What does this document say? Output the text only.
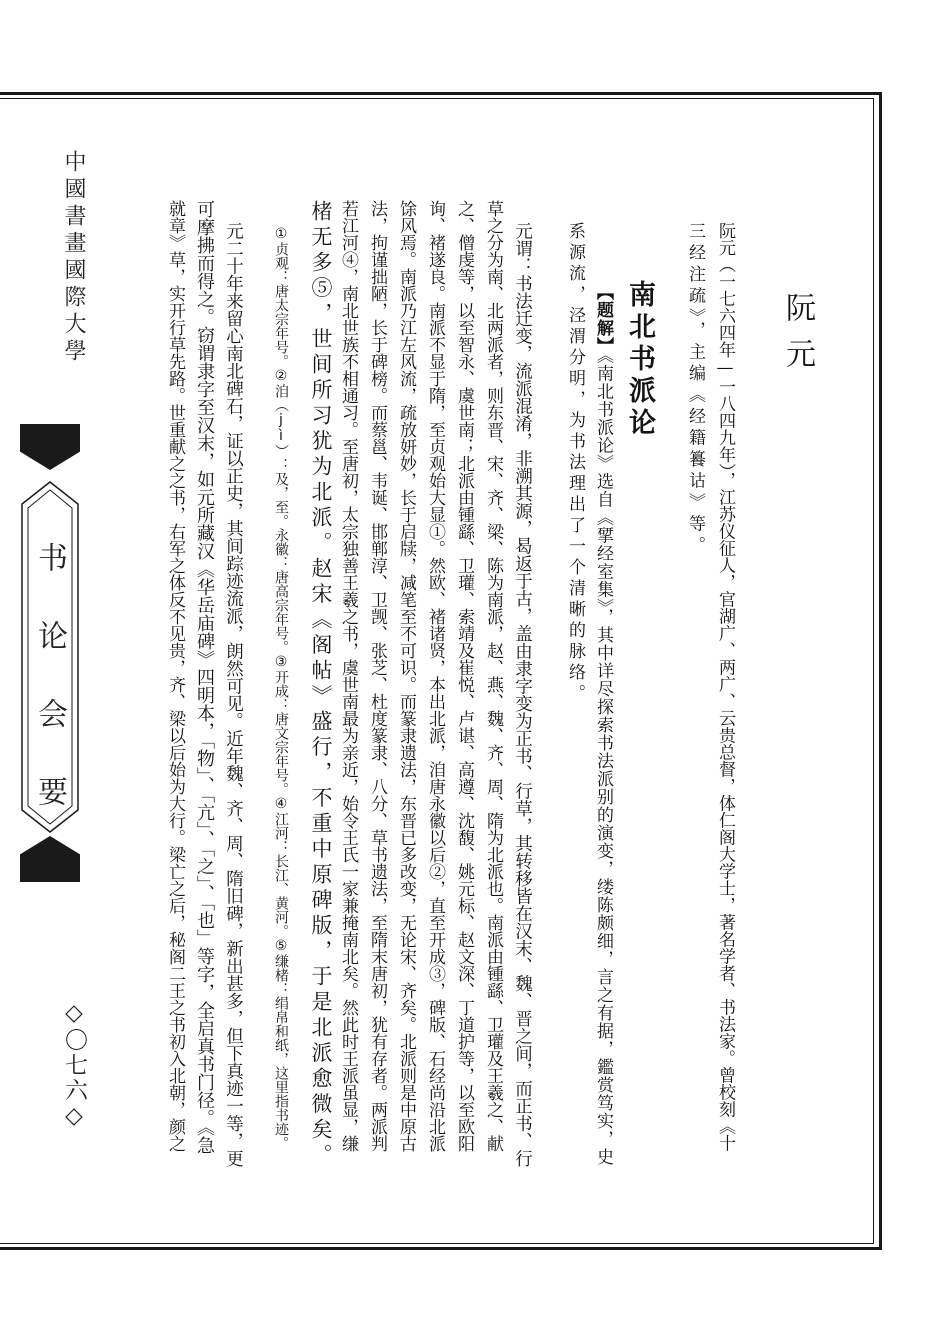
中國書畫國際大學
书论会要
◇〇七六◇
阮元
阮元（一七六四年—一八四九年），江苏仪征人，官湖广、两广、云贵总督，体仁阁大学士，著名学者、书法家。曾校刻《十
三经注疏》，主编《经籍籑诂》等。
南北书派论
【题解】《南北书派论》选自《揅经室集》，其中详尽探索书法派别的演变，缕陈颇细，言之有据，鑑赏笃实，史
系源流，泾渭分明，为书法理出了一个清晰的脉络。
元谓：书法迁变，流派混淆，非溯其源，曷返于古，盖由隶字变为正书、行草，其转移皆在汉末、魏、晋之间，而正书、行
草之分为南、北两派者，则东晋、宋、齐、梁、陈为南派，赵、燕、魏、齐、周、隋为北派也。南派由锺繇、卫瓘及王羲之、献
之、僧虔等，以至智永、虞世南；北派由锺繇、卫瓘、索靖及崔悦、卢谌、高遵、沈馥、姚元标、赵文深、丁道护等，以至欧阳
询、褚遂良。南派不显于隋，至贞观始大显①。然欧、褚诸贤，本出北派，洎唐永徽以后②，直至开成③，碑版、石经尚沿北派
馀风焉。南派乃江左风流，疏放妍妙，长于启牍，减笔至不可识。而篆隶遗法，东晋已多改变，无论宋、齐矣。北派则是中原古
法，拘谨拙陋，长于碑榜。而蔡邕、韦诞、邯郸淳、卫觊、张芝、杜度篆隶、八分、草书遗法，至隋末唐初，犹有存者。两派判
若江河④，南北世族不相通习。至唐初，太宗独善王羲之书，虞世南最为亲近，始令王氏一家兼掩南北矣。然此时王派虽显，缣
楮无多⑤，世间所习犹为北派。赵宋《阁帖》盛行，不重中原碑版，于是北派愈微矣。
①贞观：唐太宗年号。②洎（jì）：及，至。永徽：唐高宗年号。③开成：唐文宗年号。④江河：长江、黄河。⑤缣楮：绢帛和纸，这里指书迹。
元二十年来留心南北碑石，证以正史，其间踪迹流派，朗然可见。近年魏、齐、周、隋旧碑，新出甚多，但下真迹一等，更
可摩拂而得之。窃谓隶字至汉末，如元所藏汉《华岳庙碑》四明本，「物」、「亢」、「之」、「也」等字，全启真书门径。《急
就章》草，实开行草先路。世重献之之书，右军之体反不见贵，齐、梁以后始为大行。梁亡之后，秘阁二王之书初入北朝，颜之
